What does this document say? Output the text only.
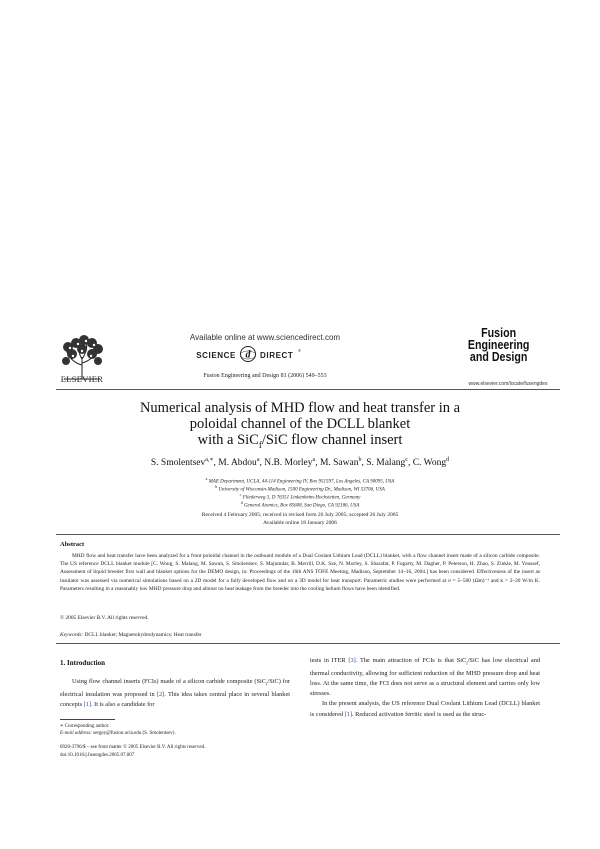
ELSEVIER
Available online at www.sciencedirect.com
SCIENCE d DIRECT
®
Fusion Engineering and Design 81 (2006) 549–553
Fusion
Engineering
and Design
www.elsevier.com/locate/fusengdes
Numerical analysis of MHD flow and heat transfer in a
poloidal channel of the DCLL blanket
with a SiC$_f$/SiC flow channel insert
S. Smolentsev$^{a,∗}$, M. Abdou$^a$, N.B. Morley$^a$, M. Sawan$^b$, S. Malang$^c$, C. Wong$^d$
$^a$ MAE Department, UCLA, 44-114 Engineering IV, Box 951597, Los Angeles, CA 90095, USA
$^b$ University of Wisconsin-Madison, 1500 Engineering Dr., Madison, WI 53706, USA
$^c$ Fliederweg 3, D 76351 Linkenheim-Hochstetten, Germany
$^d$ General Atomics, Box 85608, San Diego, CA 92186, USA
Received 4 February 2005; received in revised form 26 July 2005; accepted 26 July 2005
Available online 18 January 2006
Abstract
MHD flow and heat transfer have been analyzed for a front poloidal channel in the outboard module of a Dual Coolant Lithium Lead (DCLL) blanket, with a flow channel insert made of a silicon carbide composite. The US reference DCLL blanket module [C. Wong, S. Malang, M. Sawan, S. Smolentsev, S. Majumdar, B. Merrill, D.K. Sze, N. Morley, S. Sharafat, P. Fogarty, M. Dagher, P. Peterson, H. Zhao, S. Zinkle, M. Youssef, Assessment of liquid breeder first wall and blanket options for the DEMO design, in: Proceedings of the 16th ANS TOFE Meeting, Madison, September 14–16, 2004.] has been considered. Effectiveness of the insert as insulator was assessed via numerical simulations based on a 2D model for a fully developed flow and on a 3D model for heat transport. Parametric studies were performed at σ = 5–500 (Ωm)⁻¹ and k = 2–20 W/m K. Parameters resulting in a reasonably low MHD pressure drop and almost no heat leakage from the breeder into the cooling helium flows have been identified.
© 2005 Elsevier B.V. All rights reserved.
Keywords: DCLL blanket; Magnetohydrodynamics; Heat transfer
1. Introduction

Using flow channel inserts (FCIs) made of a silicon carbide composite (SiC$_f$/SiC) for electrical insulation was proposed in [2]. This idea takes central place in several blanket concepts [1]. It is also a candidate for

tests in ITER [3]. The main attraction of FCIs is that SiC$_f$/SiC has low electrical and thermal conductivity, allowing for sufficient reduction of the MHD pressure drop and heat loss. At the same time, the FCI does not serve as a structural element and carries only low stresses.

In the present analysis, the US reference Dual Coolant Lithium Lead (DCLL) blanket is considered [1]. Reduced activation ferritic steel is used as the struc-

∗ Corresponding author.
E-mail address: sergey@fusion.ucla.edu (S. Smolentsev).
0920-3796/$ – see front matter © 2005 Elsevier B.V. All rights reserved.
doi:10.1016/j.fusengdes.2005.07.007
